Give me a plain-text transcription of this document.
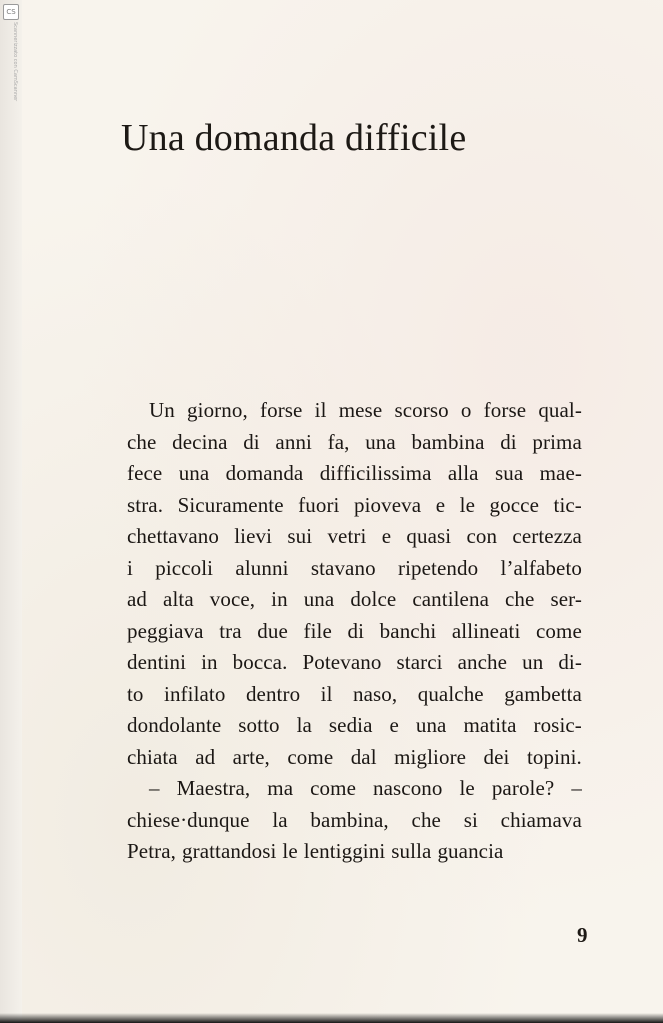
CS
Scannerizzato con CamScanner
Una domanda difficile
Un giorno, forse il mese scorso o forse qual-
che decina di anni fa, una bambina di prima
fece una domanda difficilissima alla sua mae-
stra. Sicuramente fuori pioveva e le gocce tic-
chettavano lievi sui vetri e quasi con certezza
i piccoli alunni stavano ripetendo l’alfabeto
ad alta voce, in una dolce cantilena che ser-
peggiava tra due file di banchi allineati come
dentini in bocca. Potevano starci anche un di-
to infilato dentro il naso, qualche gambetta
dondolante sotto la sedia e una matita rosic-
chiata ad arte, come dal migliore dei topini.
– Maestra, ma come nascono le parole? –
chiese·dunque la bambina, che si chiamava
Petra, grattandosi le lentiggini sulla guancia
9
